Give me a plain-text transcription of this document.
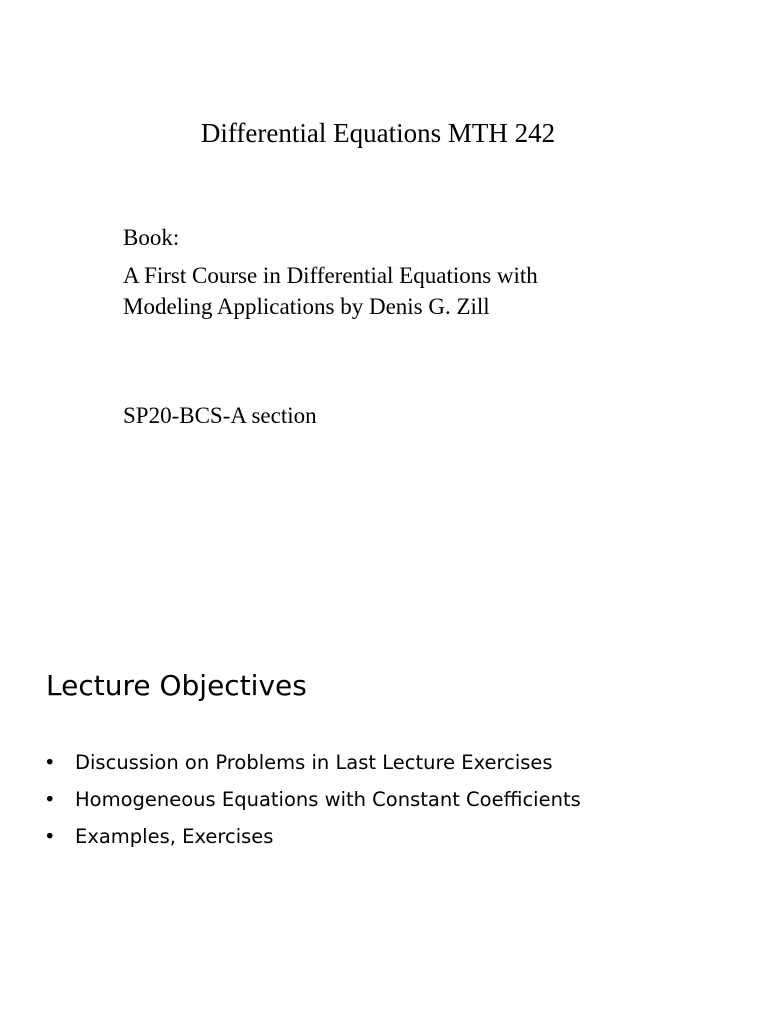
Differential Equations MTH 242

Book:

A First Course in Differential Equations with
Modeling Applications by Denis G. Zill

SP20-BCS-A section

Lecture Objectives
• Discussion on Problems in Last Lecture Exercises
• Homogeneous Equations with Constant Coefficients
• Examples, Exercises
